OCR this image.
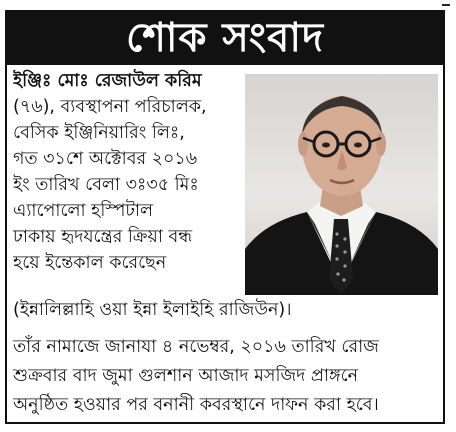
শোক সংবাদ
ইঞ্জিঃ মোঃ রেজাউল করিম
(৭৬), ব্যবস্থাপনা পরিচালক,
বেসিক ইঞ্জিনিয়ারিং লিঃ,
গত ৩১শে অক্টোবর ২০১৬
ইং তারিখ বেলা ৩ঃ৩৫ মিঃ
এ্যাপোলো হস্পিটাল
ঢাকায় হৃদযন্ত্রের ক্রিয়া বন্ধ
হয়ে ইন্তেকাল করেছেন
(ইন্নালিল্লাহি ওয়া ইন্না ইলাইহি রাজিউন)।
তাঁর নামাজে জানাযা ৪ নভেম্বর, ২০১৬ তারিখ রোজ
শুক্রবার বাদ জুমা গুলশান আজাদ মসজিদ প্রাঙ্গনে
অনুষ্ঠিত হওয়ার পর বনানী কবরস্থানে দাফন করা হবে।
